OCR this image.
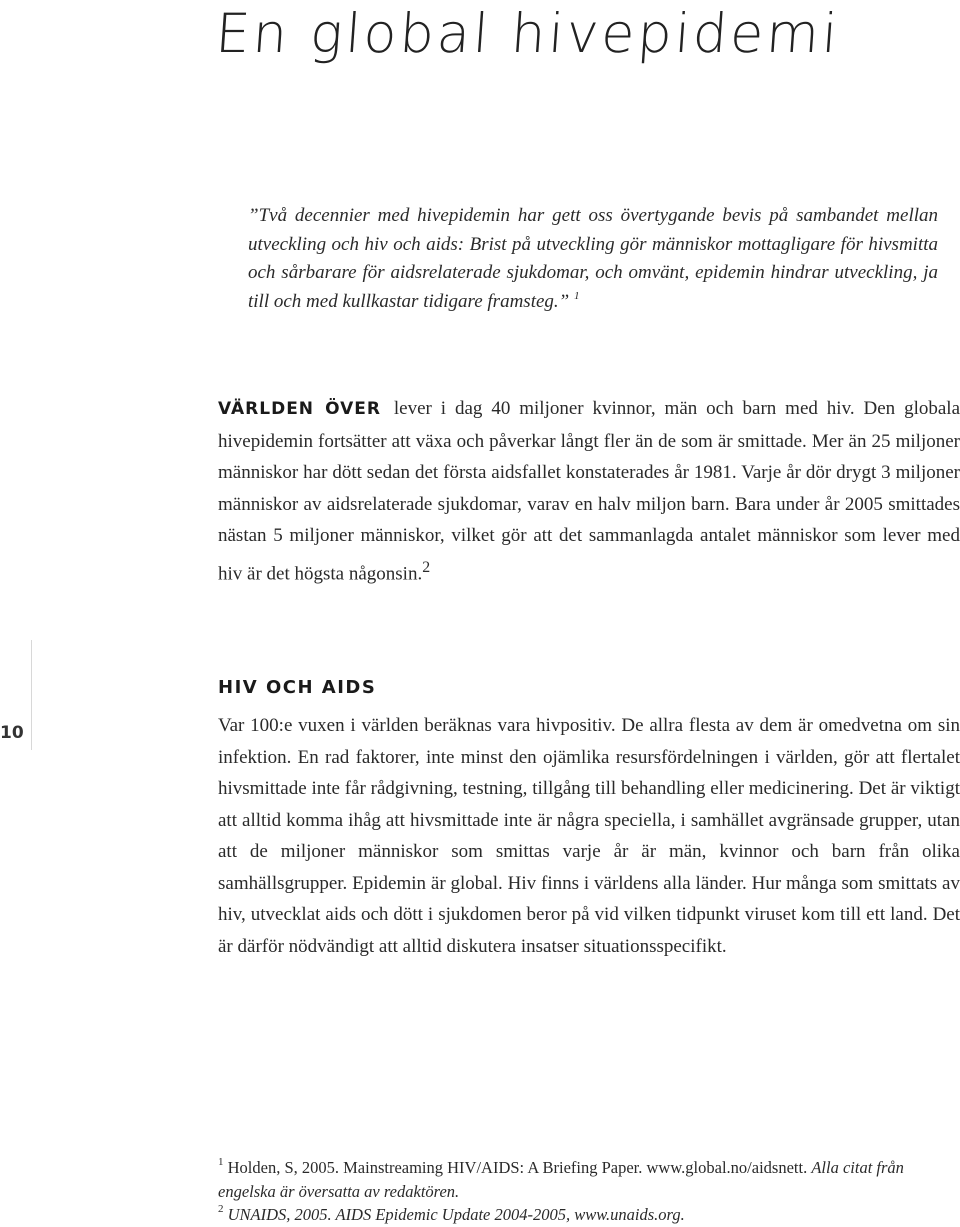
En global hivepidemi

”Två decennier med hivepidemin har gett oss övertygande bevis på sambandet mellan utveckling och hiv och aids: Brist på utveckling gör människor mottagligare för hivsmitta och sårbarare för aidsrelaterade sjukdomar, och omvänt, epidemin hindrar utveckling, ja till och med kullkastar tidigare framsteg.” $^1$

VÄRLDEN ÖVER lever i dag 40 miljoner kvinnor, män och barn med hiv. Den globala hivepidemin fortsätter att växa och påverkar långt fler än de som är smittade. Mer än 25 miljoner människor har dött sedan det första aidsfallet konstaterades år 1981. Varje år dör drygt 3 miljoner människor av aidsrelaterade sjukdomar, varav en halv miljon barn. Bara under år 2005 smittades nästan 5 miljoner människor, vilket gör att det sammanlagda antalet människor som lever med hiv är det högsta någonsin.$^2$

10
HIV OCH AIDS

Var 100:e vuxen i världen beräknas vara hivpositiv. De allra flesta av dem är omedvetna om sin infektion. En rad faktorer, inte minst den ojämlika resursfördelningen i världen, gör att flertalet hivsmittade inte får rådgivning, testning, tillgång till behandling eller medicinering. Det är viktigt att alltid komma ihåg att hivsmittade inte är några speciella, i samhället avgränsade grupper, utan att de miljoner människor som smittas varje år är män, kvinnor och barn från olika samhällsgrupper. Epidemin är global. Hiv finns i världens alla länder. Hur många som smittats av hiv, utvecklat aids och dött i sjukdomen beror på vid vilken tidpunkt viruset kom till ett land. Det är därför nödvändigt att alltid diskutera insatser situationsspecifikt.

$^1$ Holden, S, 2005. Mainstreaming HIV/AIDS: A Briefing Paper. www.global.no/aidsnett. Alla citat från engelska är översatta av redaktören.
$^2$ UNAIDS, 2005. AIDS Epidemic Update 2004-2005, www.unaids.org.
